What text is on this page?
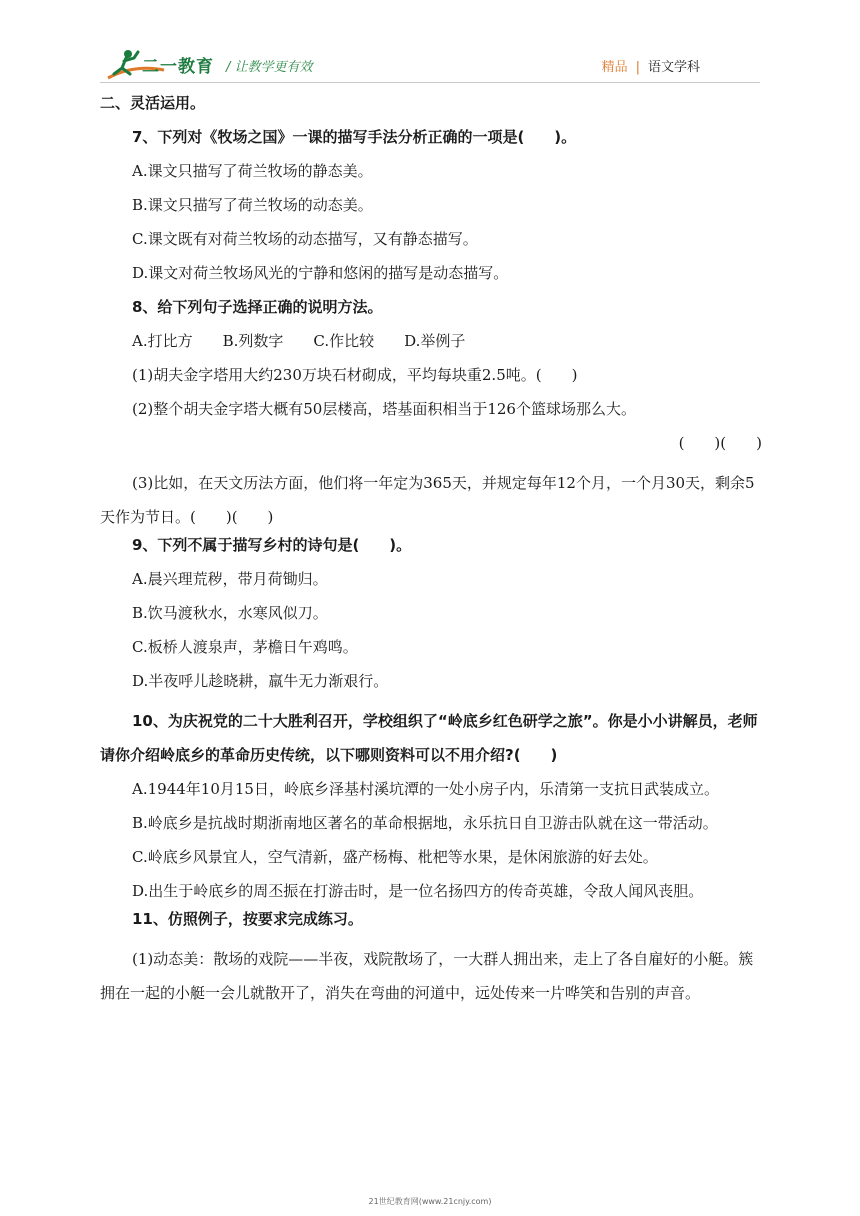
二一教育 / 让教学更有效	精品 | 语文学科
二、灵活运用。
7、下列对《牧场之国》一课的描写手法分析正确的一项是(　　)。
A.课文只描写了荷兰牧场的静态美。
B.课文只描写了荷兰牧场的动态美。
C.课文既有对荷兰牧场的动态描写，又有静态描写。
D.课文对荷兰牧场风光的宁静和悠闲的描写是动态描写。
8、给下列句子选择正确的说明方法。
A.打比方　　B.列数字　　C.作比较　　D.举例子
(1)胡夫金字塔用大约230万块石材砌成，平均每块重2.5吨。(　　)
(2)整个胡夫金字塔大概有50层楼高，塔基面积相当于126个篮球场那么大。
(　　)(　　)
(3)比如，在天文历法方面，他们将一年定为365天，并规定每年12个月，一个月30天，剩余5天作为节日。(　　)(　　)
9、下列不属于描写乡村的诗句是(　　)。
A.晨兴理荒秽，带月荷锄归。
B.饮马渡秋水，水寒风似刀。
C.板桥人渡泉声，茅檐日午鸡鸣。
D.半夜呼儿趁晓耕，羸牛无力渐艰行。
10、为庆祝党的二十大胜利召开，学校组织了“岭底乡红色研学之旅”。你是小小讲解员，老师请你介绍岭底乡的革命历史传统，以下哪则资料可以不用介绍?(　　)
A.1944年10月15日，岭底乡泽基村溪坑潭的一处小房子内，乐清第一支抗日武装成立。
B.岭底乡是抗战时期浙南地区著名的革命根据地，永乐抗日自卫游击队就在这一带活动。
C.岭底乡风景宜人，空气清新，盛产杨梅、枇杷等水果，是休闲旅游的好去处。
D.出生于岭底乡的周丕振在打游击时，是一位名扬四方的传奇英雄，令敌人闻风丧胆。
11、仿照例子，按要求完成练习。
(1)动态美：散场的戏院——半夜，戏院散场了，一大群人拥出来，走上了各自雇好的小艇。簇拥在一起的小艇一会儿就散开了，消失在弯曲的河道中，远处传来一片哗笑和告别的声音。
21世纪教育网(www.21cnjy.com)
